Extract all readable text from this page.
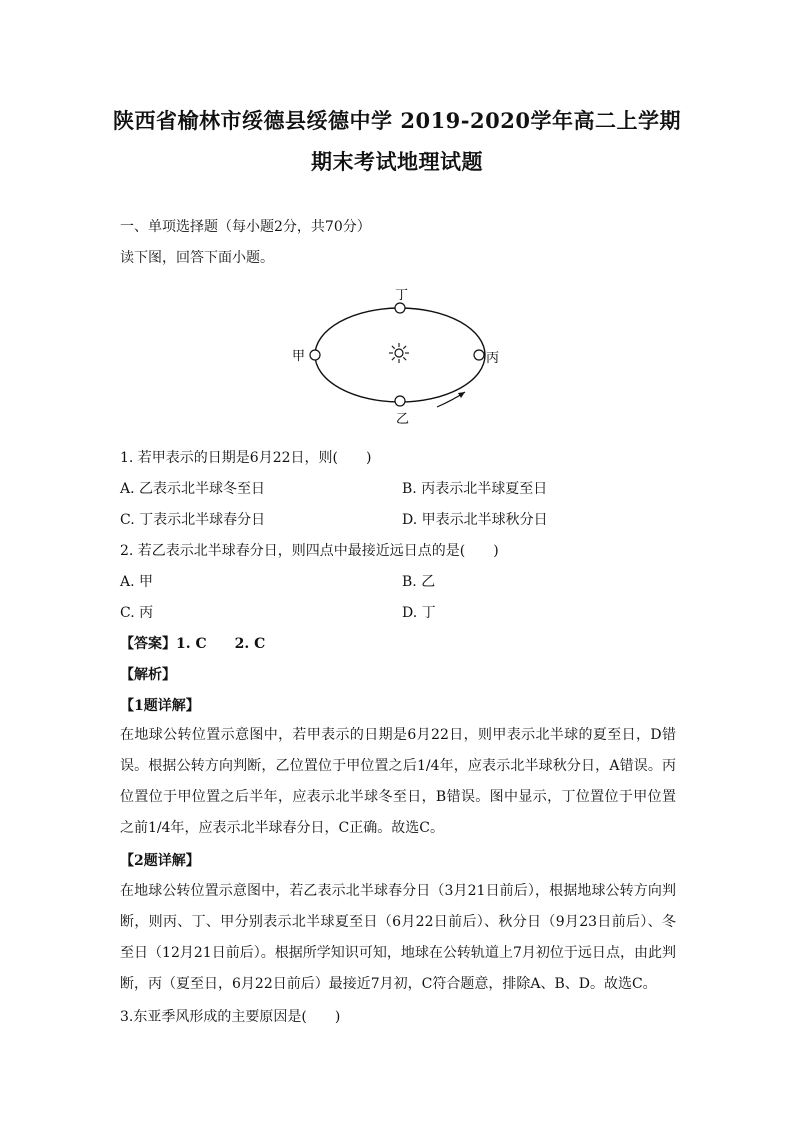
陕西省榆林市绥德县绥德中学 2019-2020学年高二上学期
期末考试地理试题
一、单项选择题（每小题2分，共70分）
读下图，回答下面小题。
丁
甲	丙
乙
1. 若甲表示的日期是6月22日，则(　　)
A. 乙表示北半球冬至日	B. 丙表示北半球夏至日
C. 丁表示北半球春分日	D. 甲表示北半球秋分日
2. 若乙表示北半球春分日，则四点中最接近远日点的是(　　)
A. 甲	B. 乙
C. 丙	D. 丁
【答案】1. C　　2. C
【解析】
【1题详解】
在地球公转位置示意图中，若甲表示的日期是6月22日，则甲表示北半球的夏至日，D错误。根据公转方向判断，乙位置位于甲位置之后1/4年，应表示北半球秋分日，A错误。丙位置位于甲位置之后半年，应表示北半球冬至日，B错误。图中显示，丁位置位于甲位置之前1/4年，应表示北半球春分日，C正确。故选C。
【2题详解】
在地球公转位置示意图中，若乙表示北半球春分日（3月21日前后），根据地球公转方向判断，则丙、丁、甲分别表示北半球夏至日（6月22日前后）、秋分日（9月23日前后）、冬至日（12月21日前后）。根据所学知识可知，地球在公转轨道上7月初位于远日点，由此判断，丙（夏至日，6月22日前后）最接近7月初，C符合题意，排除A、B、D。故选C。
3.东亚季风形成的主要原因是(　　)
